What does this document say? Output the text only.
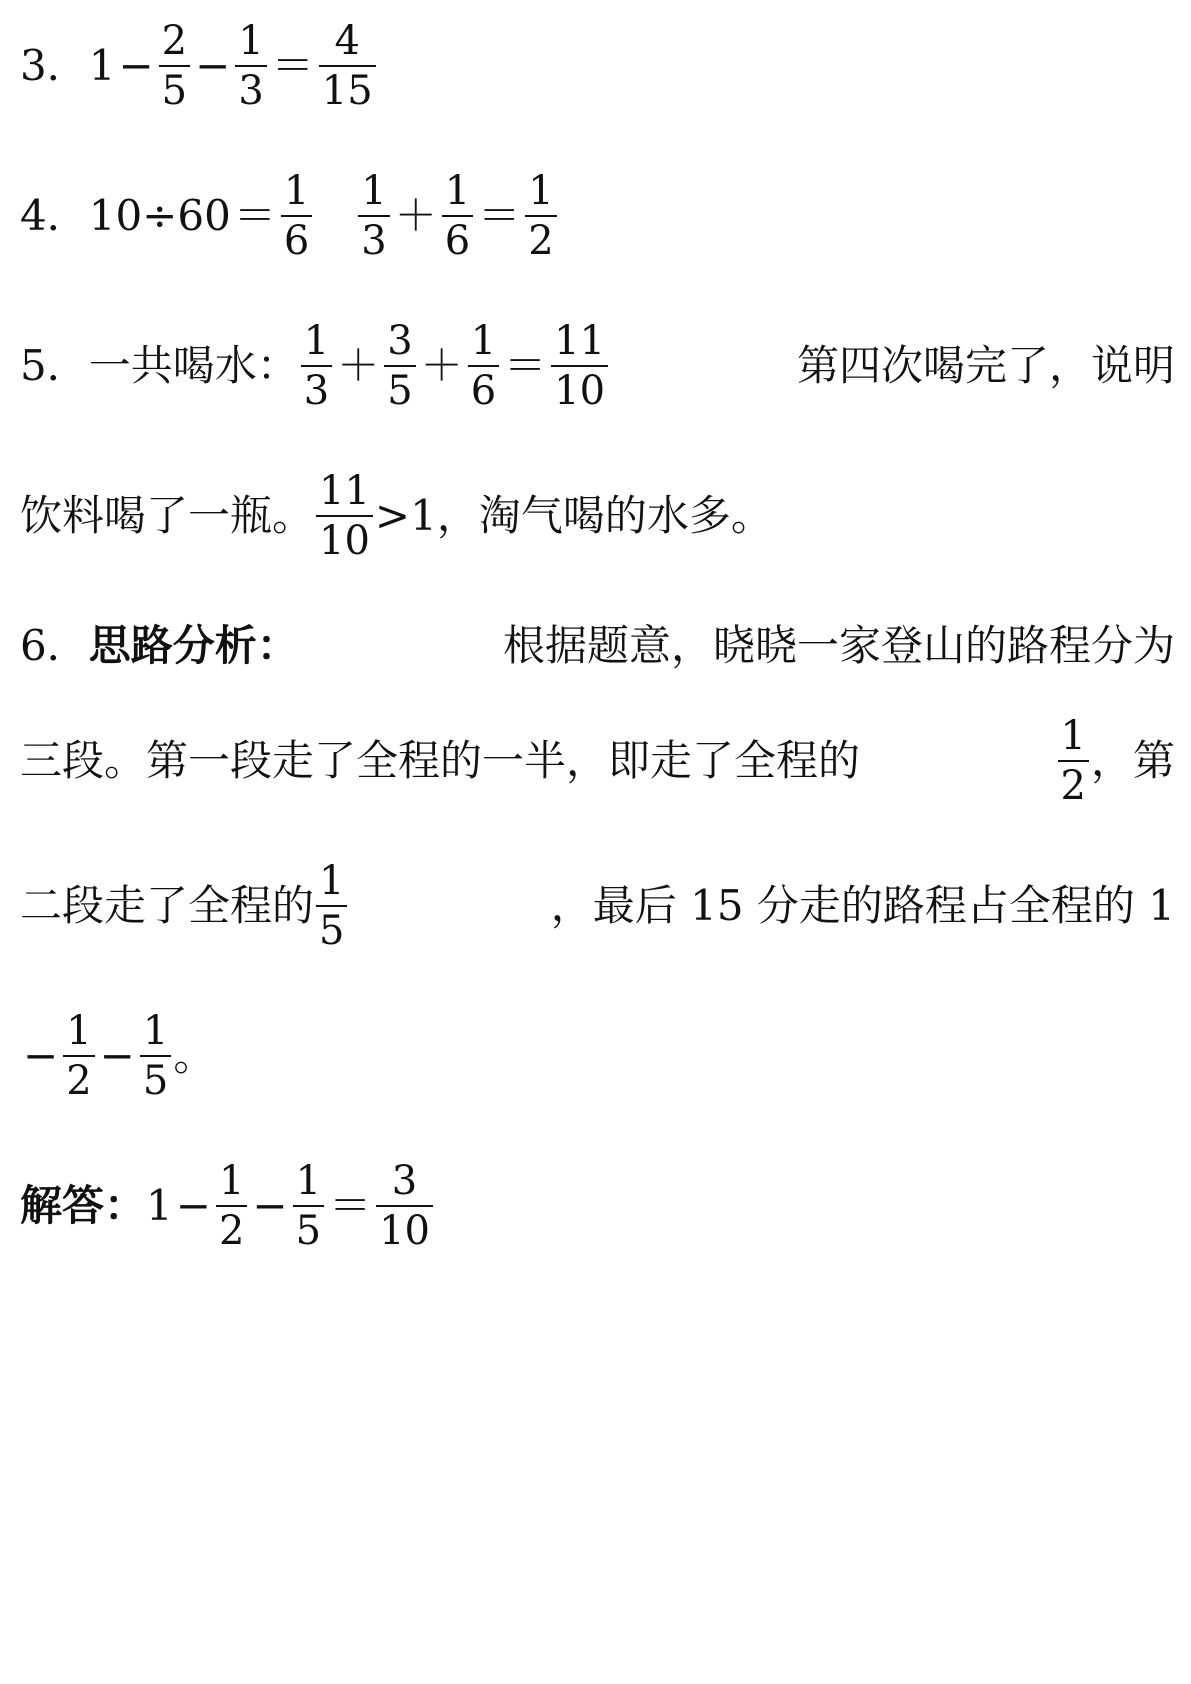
3． $1 - \frac{2}{5} - \frac{1}{3} = \frac{4}{15}$
4． $10\div 60 = \frac{1}{6} \frac{1}{3} + \frac{1}{6} = \frac{1}{2}$
5． 一共喝水： $\frac{1}{3} + \frac{3}{5} + \frac{1}{6} = \frac{11}{10}$	第四次喝完了，说明
饮料喝了一瓶。 $\frac{11}{10} >1$，淘气喝的水多。
6． 思路分析：	根据题意，晓晓一家登山的路程分为
三段。第一段走了全程的一半，即走了全程的	$\frac{1}{2}$ ，第
二段走了全程的 $\frac{1}{5}$	，最后 15 分走的路程占全程的 1
− $\frac{1}{2} - \frac{1}{5}$ 。
解答： $1 - \frac{1}{2} - \frac{1}{5} = \frac{3}{10}$
